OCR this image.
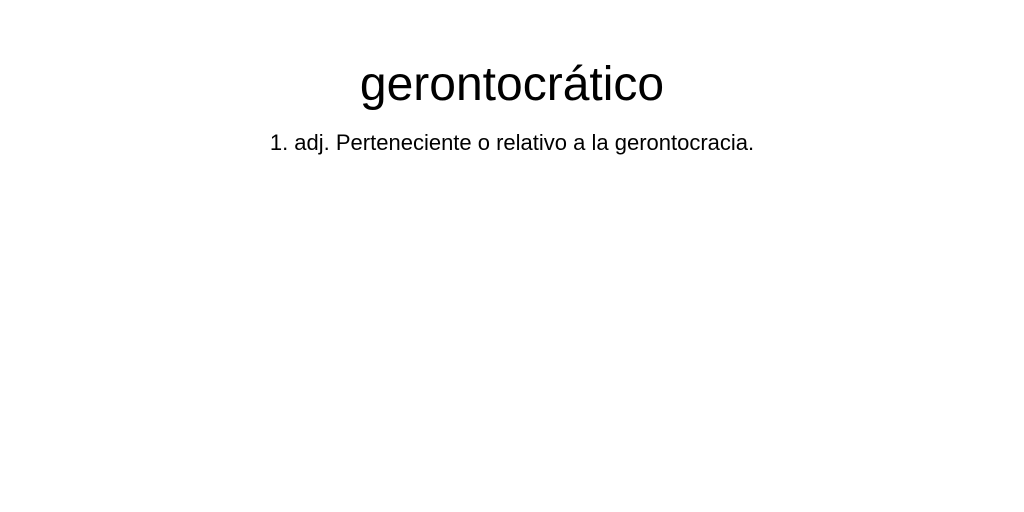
gerontocrático

1. adj. Perteneciente o relativo a la gerontocracia.
